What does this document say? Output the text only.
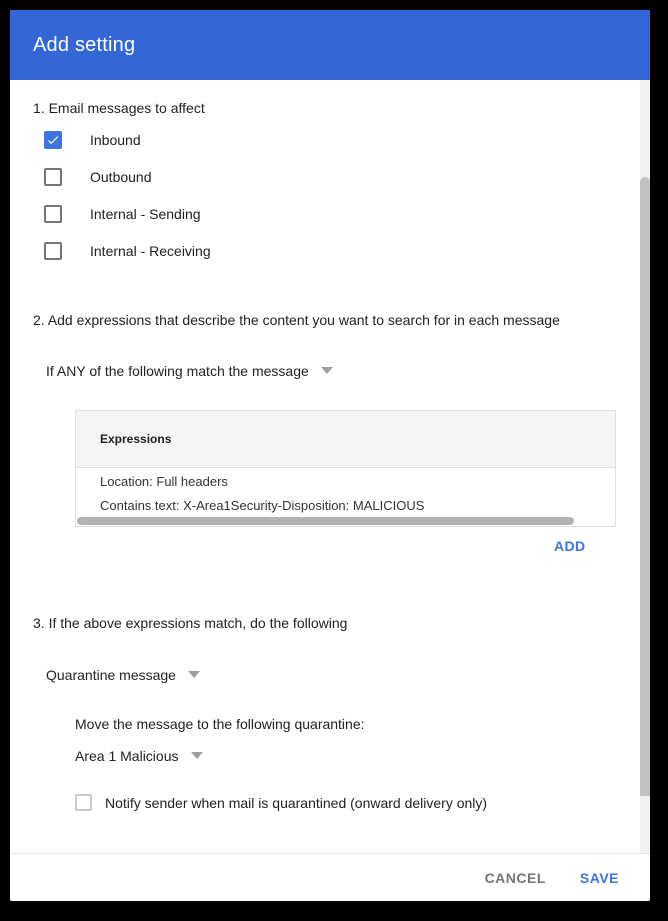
Add setting
1. Email messages to affect
Inbound
Outbound
Internal - Sending
Internal - Receiving
2. Add expressions that describe the content you want to search for in each message
If ANY of the following match the message
Expressions
Location: Full headers
Contains text: X-Area1Security-Disposition: MALICIOUS
ADD
3. If the above expressions match, do the following
Quarantine message
Move the message to the following quarantine:
Area 1 Malicious
Notify sender when mail is quarantined (onward delivery only)
CANCEL SAVE
